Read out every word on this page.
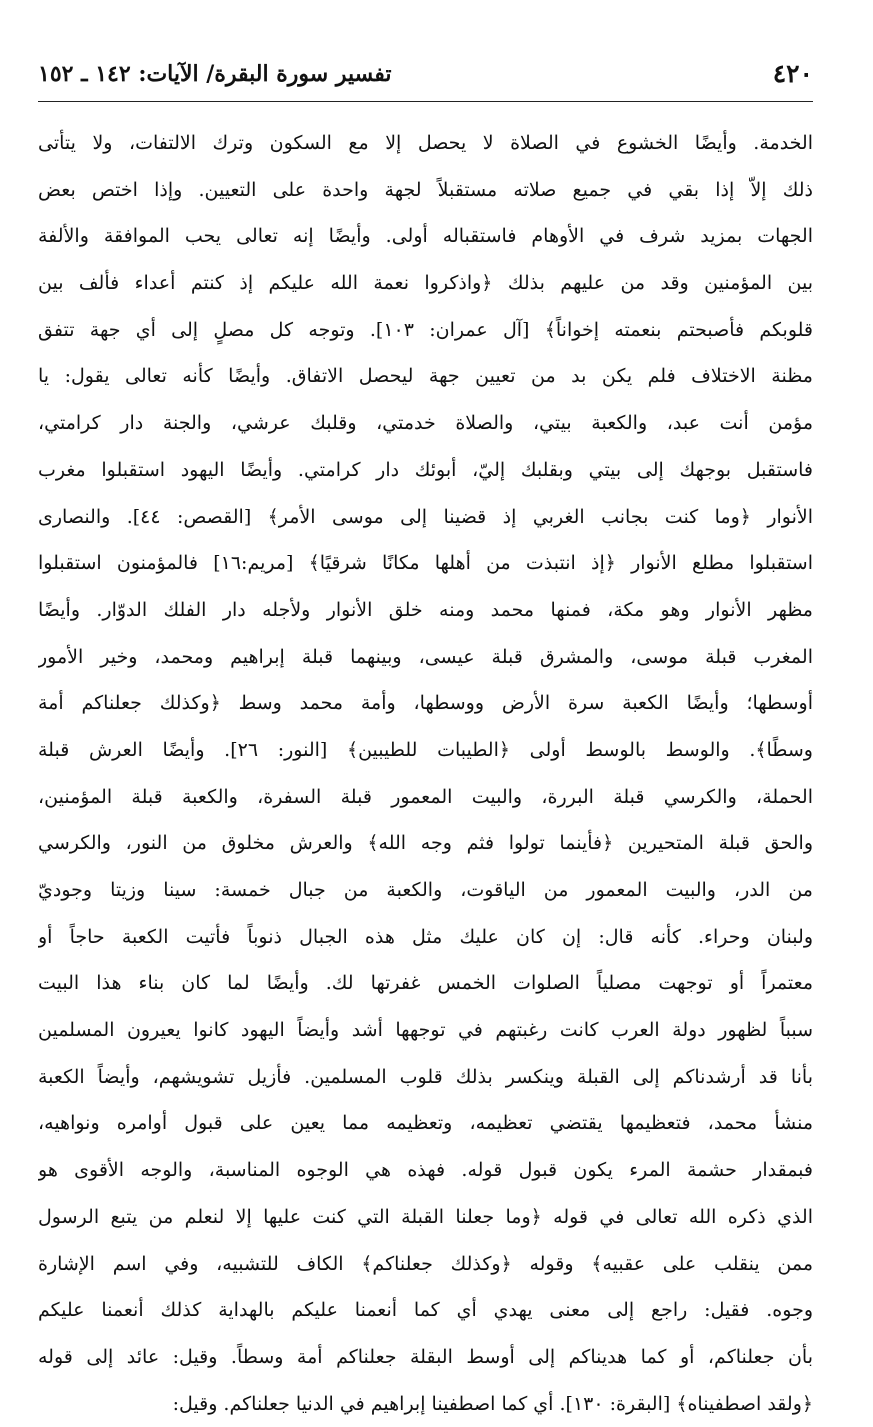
٤٢٠
تفسير سورة البقرة/ الآيات: ١٤٢ ـ ١٥٢
الخدمة. وأيضًا الخشوع في الصلاة لا يحصل إلا مع السكون وترك الالتفات، ولا يتأتى
ذلك إلاّ إذا بقي في جميع صلاته مستقبلاً لجهة واحدة على التعيين. وإذا اختص بعض
الجهات بمزيد شرف في الأوهام فاستقباله أولى. وأيضًا إنه تعالى يحب الموافقة والألفة
بين المؤمنين وقد من عليهم بذلك ﴿واذكروا نعمة الله عليكم إذ كنتم أعداء فألف بين
قلوبكم فأصبحتم بنعمته إخواناً﴾ [آل عمران: ١٠٣]. وتوجه كل مصلٍ إلى أي جهة تتفق
مظنة الاختلاف فلم يكن بد من تعيين جهة ليحصل الاتفاق. وأيضًا كأنه تعالى يقول: يا
مؤمن أنت عبد، والكعبة بيتي، والصلاة خدمتي، وقلبك عرشي، والجنة دار كرامتي،
فاستقبل بوجهك إلى بيتي وبقلبك إليّ، أبوئك دار كرامتي. وأيضًا اليهود استقبلوا مغرب
الأنوار ﴿وما كنت بجانب الغربي إذ قضينا إلى موسى الأمر﴾ [القصص: ٤٤]. والنصارى
استقبلوا مطلع الأنوار ﴿إذ انتبذت من أهلها مكانًا شرقيًا﴾ [مريم:١٦] فالمؤمنون استقبلوا
مظهر الأنوار وهو مكة، فمنها محمد ومنه خلق الأنوار ولأجله دار الفلك الدوّار. وأيضًا
المغرب قبلة موسى، والمشرق قبلة عيسى، وبينهما قبلة إبراهيم ومحمد، وخير الأمور
أوسطها؛ وأيضًا الكعبة سرة الأرض ووسطها، وأمة محمد وسط ﴿وكذلك جعلناكم أمة
وسطًا﴾. والوسط بالوسط أولى ﴿الطيبات للطيبين﴾ [النور: ٢٦]. وأيضًا العرش قبلة
الحملة، والكرسي قبلة البررة، والبيت المعمور قبلة السفرة، والكعبة قبلة المؤمنين،
والحق قبلة المتحيرين ﴿فأينما تولوا فثم وجه الله﴾ والعرش مخلوق من النور، والكرسي
من الدر، والبيت المعمور من الياقوت، والكعبة من جبال خمسة: سينا وزيتا وجوديّ
ولبنان وحراء. كأنه قال: إن كان عليك مثل هذه الجبال ذنوباً فأتيت الكعبة حاجاً أو
معتمراً أو توجهت مصلياً الصلوات الخمس غفرتها لك. وأيضًا لما كان بناء هذا البيت
سبباً لظهور دولة العرب كانت رغبتهم في توجهها أشد وأيضاً اليهود كانوا يعيرون المسلمين
بأنا قد أرشدناكم إلى القبلة وينكسر بذلك قلوب المسلمين. فأزيل تشويشهم، وأيضاً الكعبة
منشأ محمد، فتعظيمها يقتضي تعظيمه، وتعظيمه مما يعين على قبول أوامره ونواهيه،
فبمقدار حشمة المرء يكون قبول قوله. فهذه هي الوجوه المناسبة، والوجه الأقوى هو
الذي ذكره الله تعالى في قوله ﴿وما جعلنا القبلة التي كنت عليها إلا لنعلم من يتبع الرسول
ممن ينقلب على عقبيه﴾ وقوله ﴿وكذلك جعلناكم﴾ الكاف للتشبيه، وفي اسم الإشارة
وجوه. فقيل: راجع إلى معنى يهدي أي كما أنعمنا عليكم بالهداية كذلك أنعمنا عليكم
بأن جعلناكم، أو كما هديناكم إلى أوسط البقلة جعلناكم أمة وسطاً. وقيل: عائد إلى قوله
﴿ولقد اصطفيناه﴾ [البقرة: ١٣٠]. أي كما اصطفينا إبراهيم في الدنيا جعلناكم. وقيل:
